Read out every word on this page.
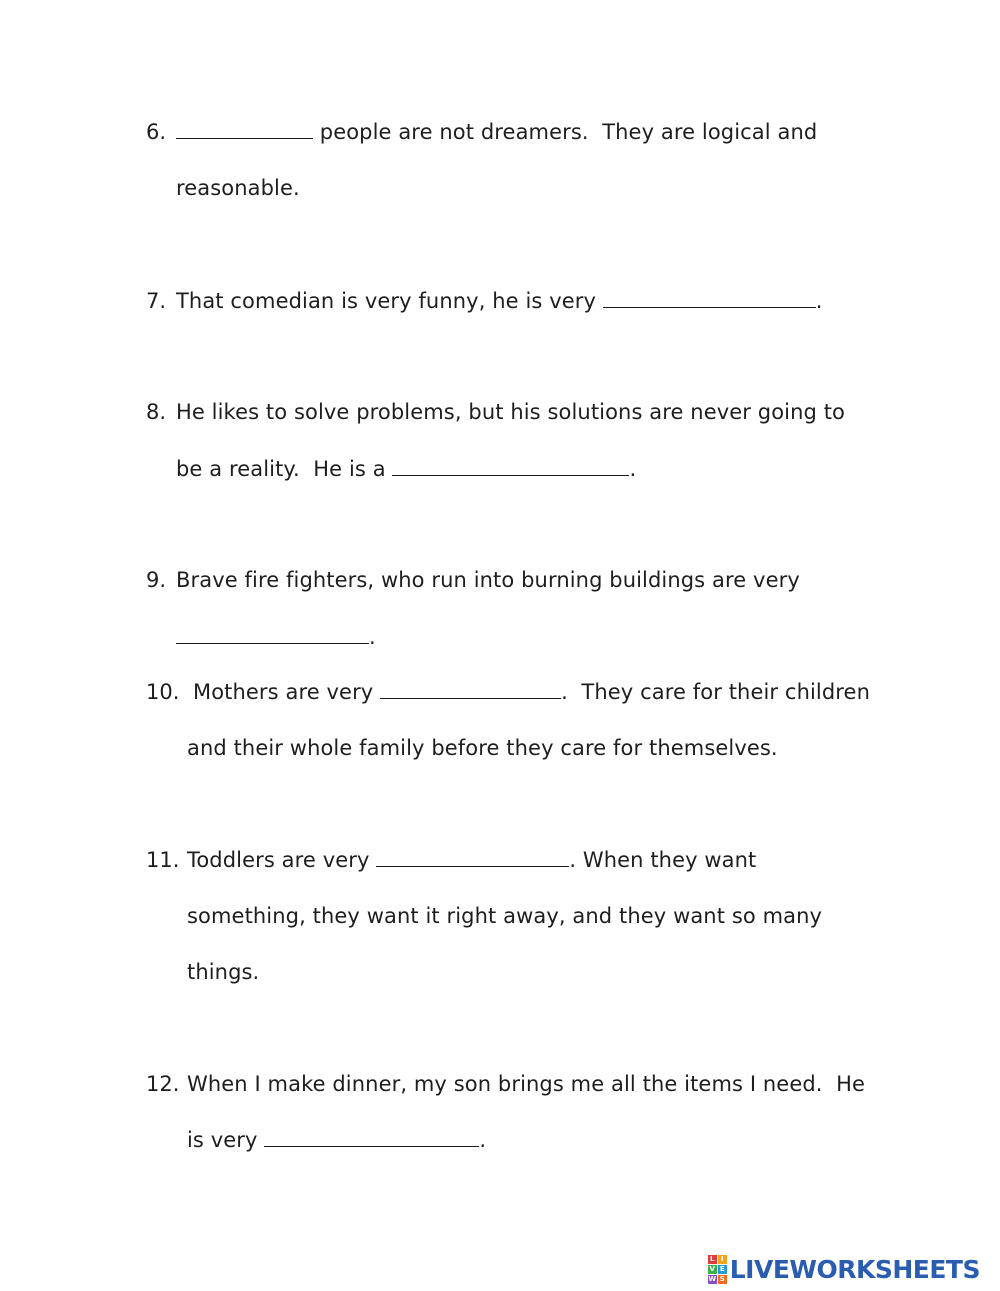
6.	people are not dreamers.  They are logical and
reasonable.
7. That comedian is very funny, he is very	.
8. He likes to solve problems, but his solutions are never going to
be a reality.  He is a	.
9. Brave fire fighters, who run into burning buildings are very
.
10. Mothers are very	.  They care for their children
and their whole family before they care for themselves.
11. Toddlers are very	. When they want
something, they want it right away, and they want so many
things.
12. When I make dinner, my son brings me all the items I need.  He
is very	.
L I
V E
W S LIVEWORKSHEETS
